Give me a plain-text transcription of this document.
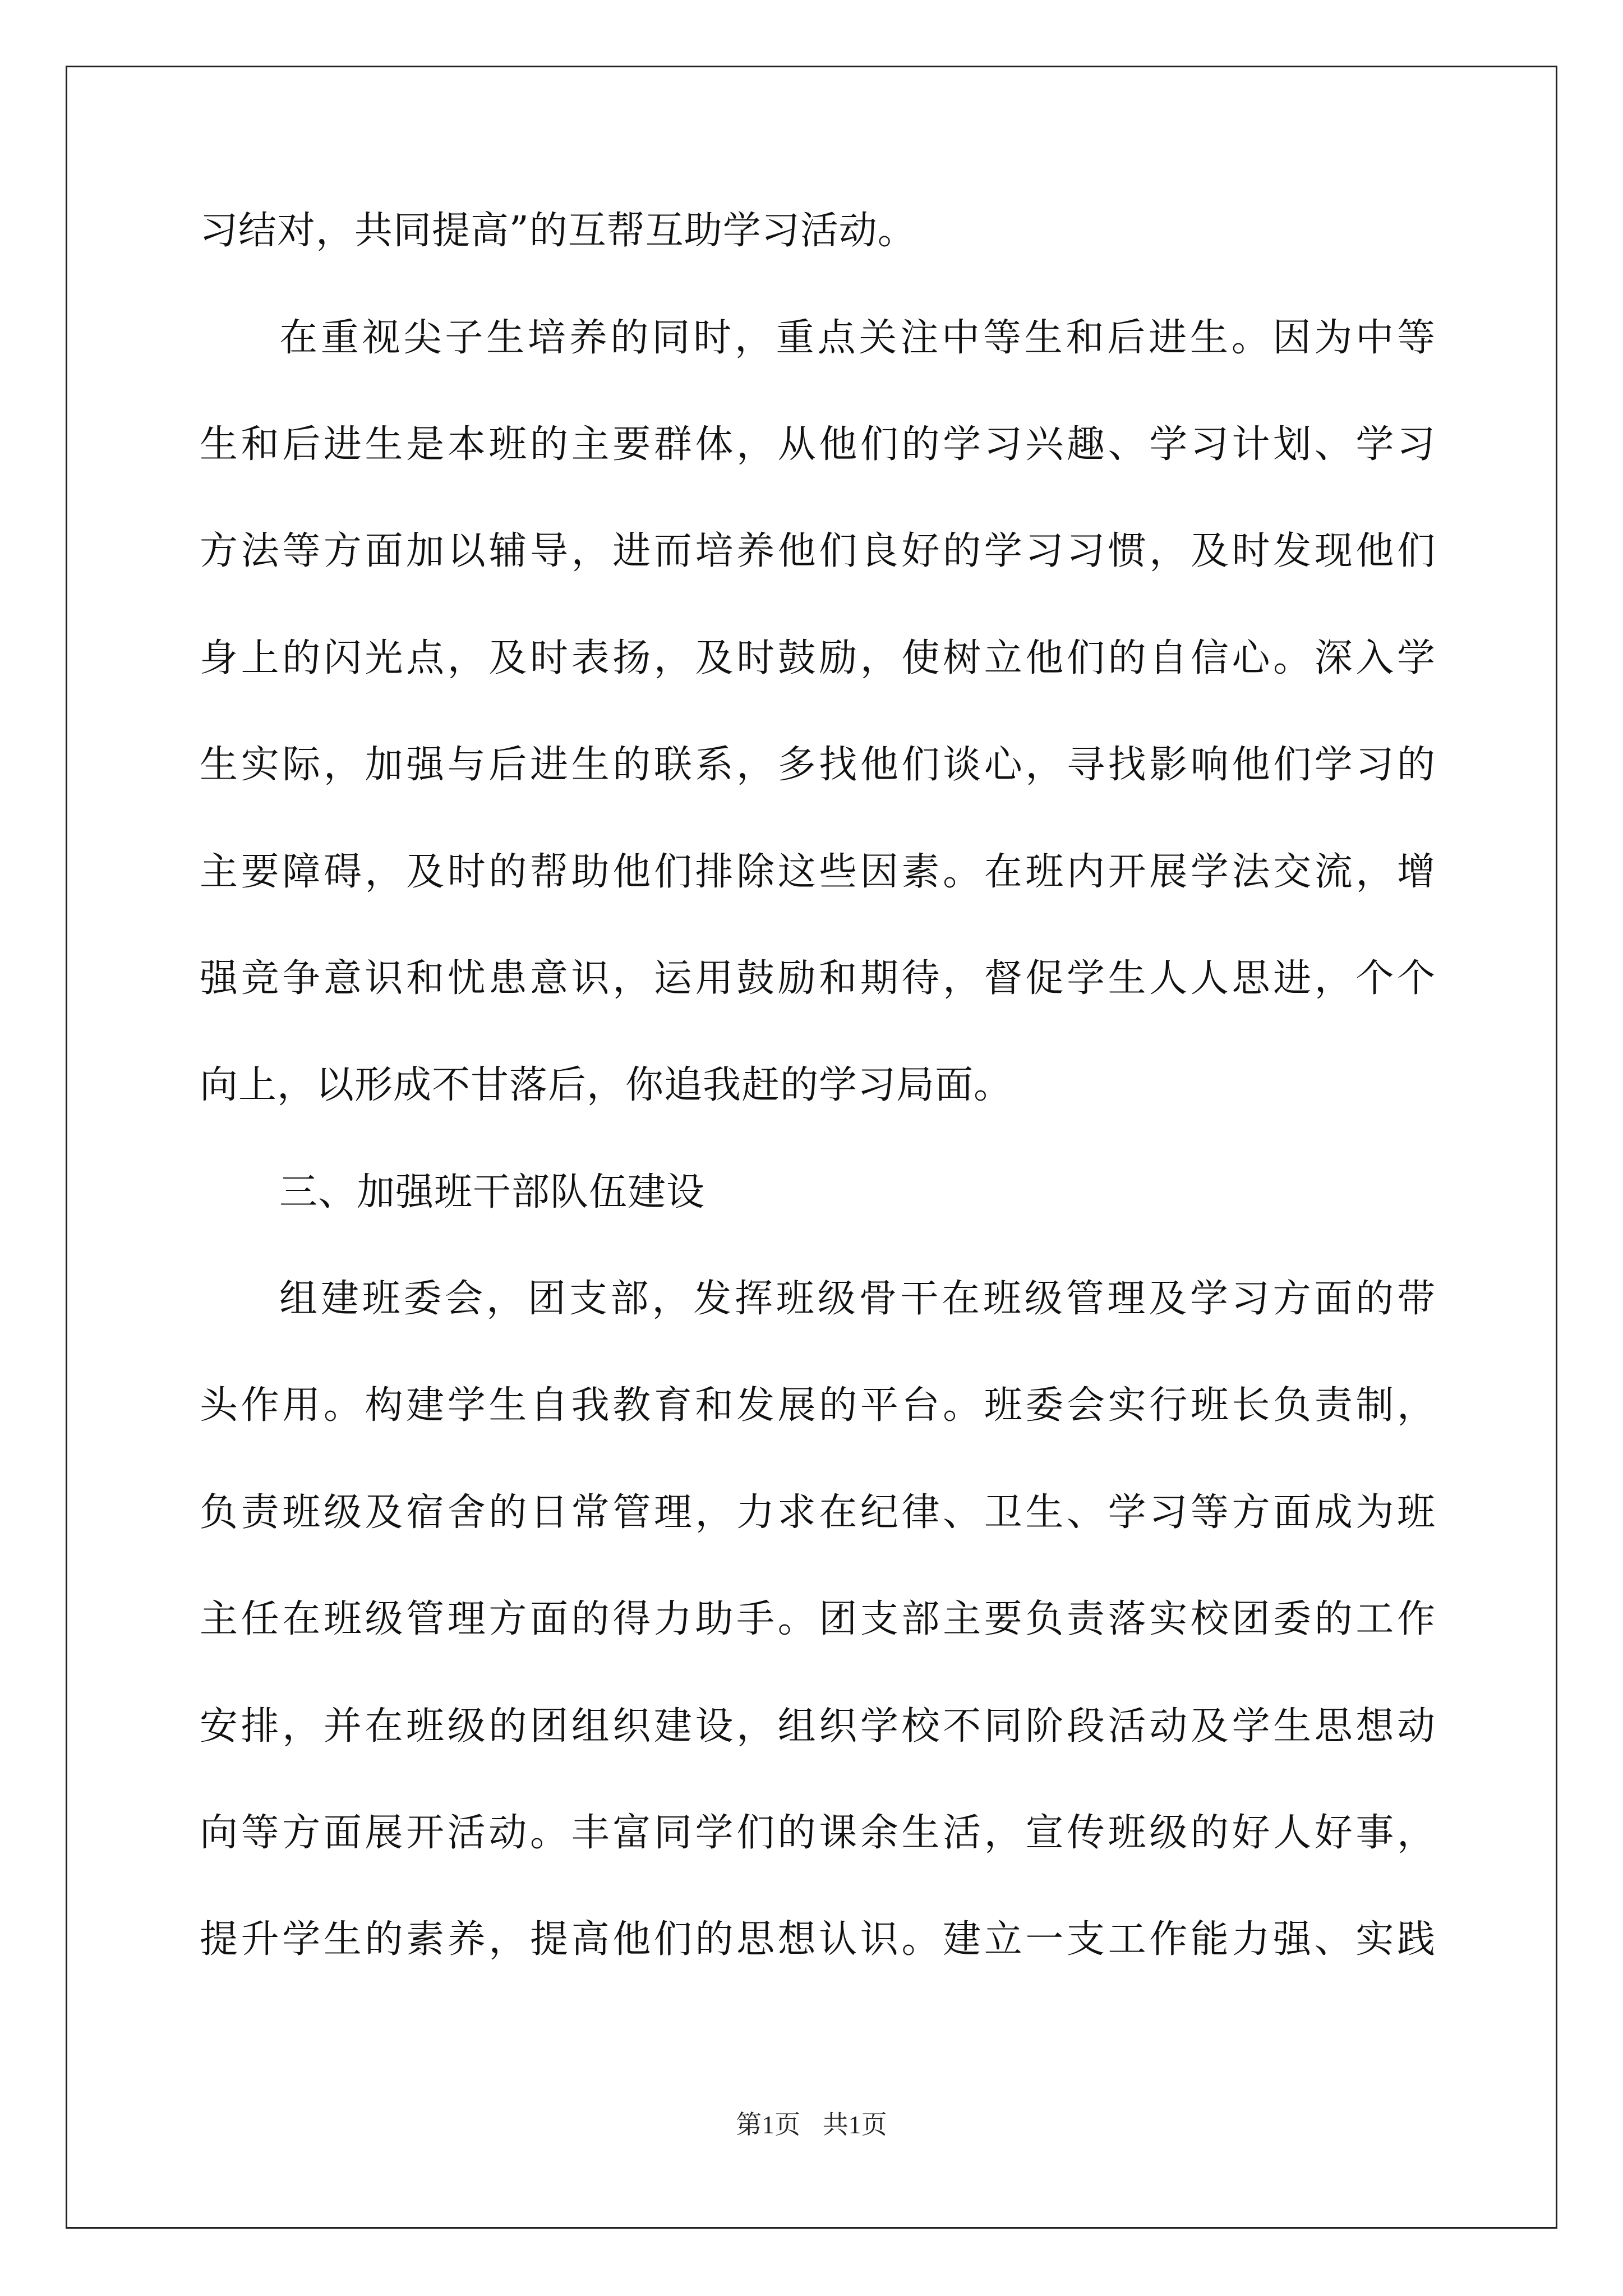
习结对，共同提高”的互帮互助学习活动。
在重视尖子生培养的同时，重点关注中等生和后进生。因为中等
生和后进生是本班的主要群体，从他们的学习兴趣、学习计划、学习
方法等方面加以辅导，进而培养他们良好的学习习惯，及时发现他们
身上的闪光点，及时表扬，及时鼓励，使树立他们的自信心。深入学
生实际，加强与后进生的联系，多找他们谈心，寻找影响他们学习的
主要障碍，及时的帮助他们排除这些因素。在班内开展学法交流，增
强竞争意识和忧患意识，运用鼓励和期待，督促学生人人思进，个个
向上，以形成不甘落后，你追我赶的学习局面。
三、加强班干部队伍建设
组建班委会，团支部，发挥班级骨干在班级管理及学习方面的带
头作用。构建学生自我教育和发展的平台。班委会实行班长负责制，
负责班级及宿舍的日常管理，力求在纪律、卫生、学习等方面成为班
主任在班级管理方面的得力助手。团支部主要负责落实校团委的工作
安排，并在班级的团组织建设，组织学校不同阶段活动及学生思想动
向等方面展开活动。丰富同学们的课余生活，宣传班级的好人好事，
提升学生的素养，提高他们的思想认识。建立一支工作能力强、实践
第1页 共1页
